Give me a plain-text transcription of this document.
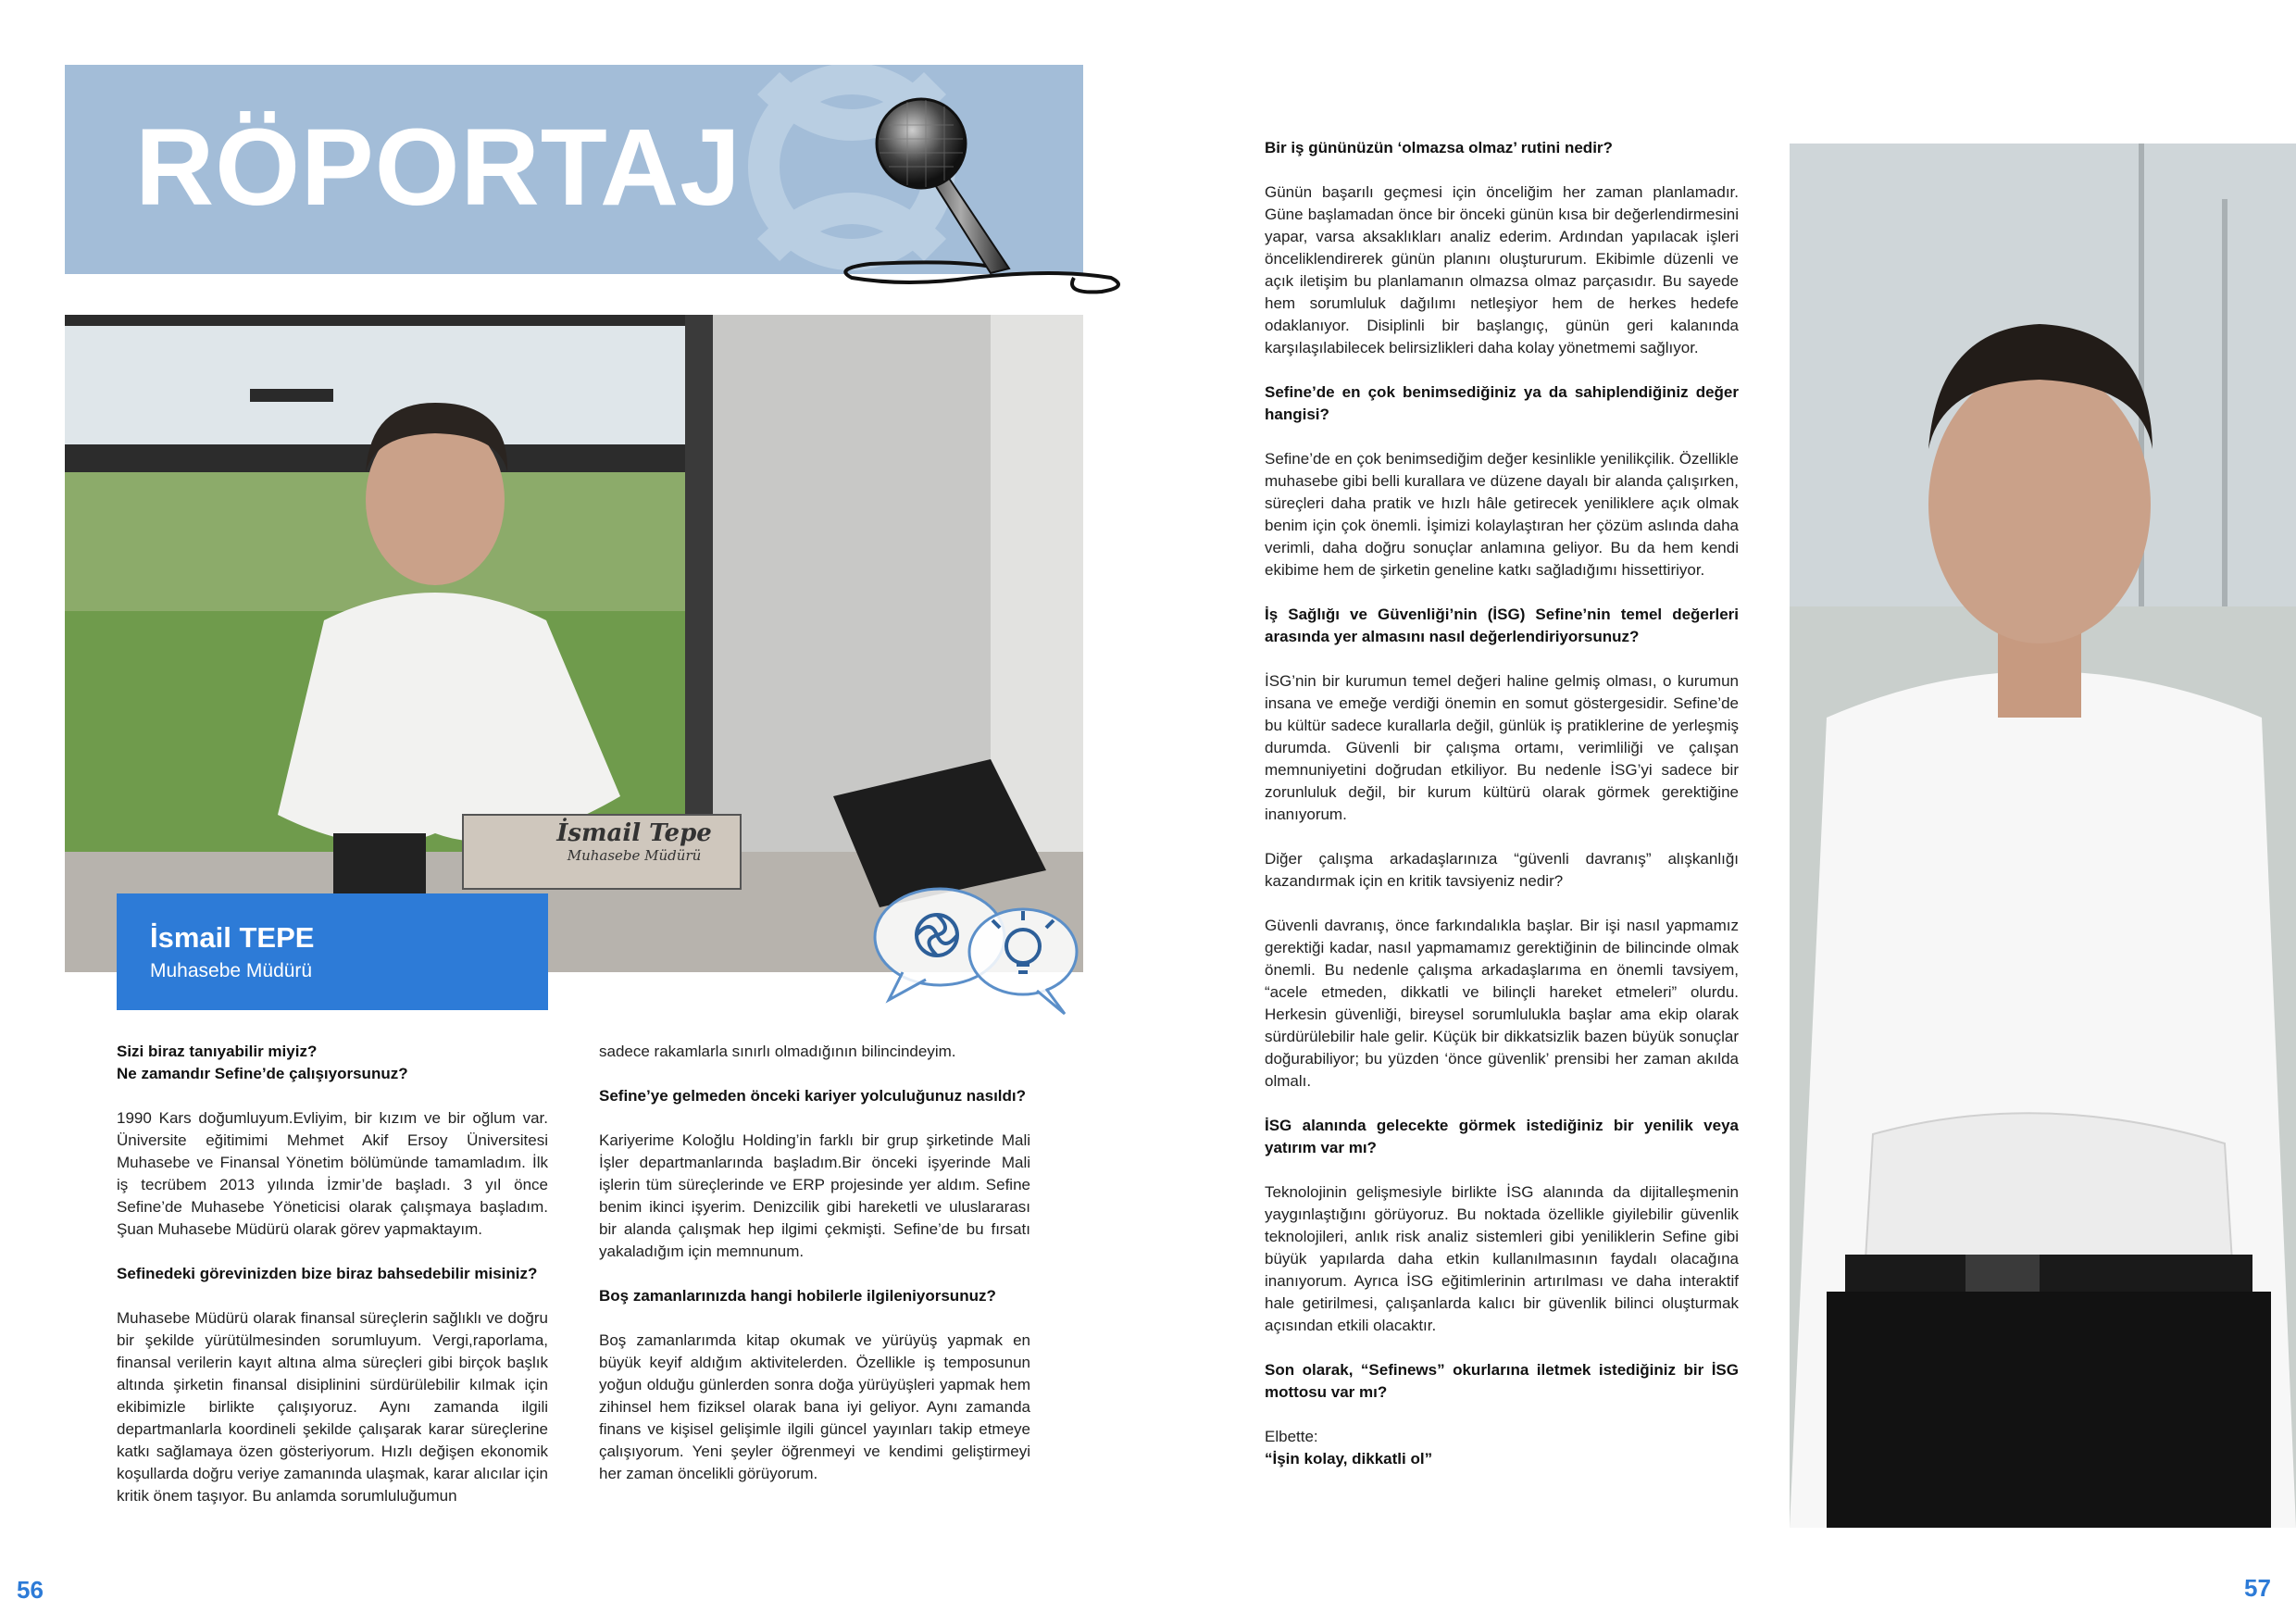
RÖPORTAJ
İsmail Tepe
Muhasebe Müdürü
İsmail TEPE
Muhasebe Müdürü

Sizi biraz tanıyabilir miyiz?

Ne zamandır Sefine’de çalışıyorsunuz?

1990 Kars doğumluyum.Evliyim, bir kızım ve bir oğlum var. Üniversite eğitimimi Mehmet Akif Ersoy Üniversitesi Muhasebe ve Finansal Yönetim bölümünde tamamladım. İlk iş tecrübem 2013 yılında İzmir’de başladı. 3 yıl önce Sefine’de Muhasebe Yöneticisi olarak çalışmaya başladım. Şuan Muhasebe Müdürü olarak görev yapmaktayım.

Sefinedeki görevinizden bize biraz bahsedebilir misiniz?

Muhasebe Müdürü olarak finansal süreçlerin sağlıklı ve doğru bir şekilde yürütülmesinden sorumluyum. Vergi,raporlama, finansal verilerin kayıt altına alma süreçleri gibi birçok başlık altında şirketin finansal disiplinini sürdürülebilir kılmak için ekibimizle birlikte çalışıyoruz. Aynı zamanda ilgili departmanlarla koordineli şekilde çalışarak karar süreçlerine katkı sağlamaya özen gösteriyorum. Hızlı değişen ekonomik koşullarda doğru veriye zamanında ulaşmak, karar alıcılar için kritik önem taşıyor. Bu anlamda sorumluluğumun

sadece rakamlarla sınırlı olmadığının bilincindeyim.

Sefine’ye gelmeden önceki kariyer yolculuğunuz nasıldı?

Kariyerime Koloğlu Holding’in farklı bir grup şirketinde Mali İşler departmanlarında başladım.Bir önceki işyerinde Mali işlerin tüm süreçlerinde ve ERP projesinde yer aldım. Sefine benim ikinci işyerim. Denizcilik gibi hareketli ve uluslararası bir alanda çalışmak hep ilgimi çekmişti. Sefine’de bu fırsatı yakaladığım için memnunum.

Boş zamanlarınızda hangi hobilerle ilgileniyorsunuz?

Boş zamanlarımda kitap okumak ve yürüyüş yapmak en büyük keyif aldığım aktivitelerden. Özellikle iş temposunun yoğun olduğu günlerden sonra doğa yürüyüşleri yapmak hem zihinsel hem fiziksel olarak bana iyi geliyor. Aynı zamanda finans ve kişisel gelişimle ilgili güncel yayınları takip etmeye çalışıyorum. Yeni şeyler öğrenmeyi ve kendimi geliştirmeyi her zaman öncelikli görüyorum.

Bir iş gününüzün ‘olmazsa olmaz’ rutini nedir?

Günün başarılı geçmesi için önceliğim her zaman planlamadır. Güne başlamadan önce bir önceki günün kısa bir değerlendirmesini yapar, varsa aksaklıkları analiz ederim. Ardından yapılacak işleri önceliklendirerek günün planını oluştururum. Ekibimle düzenli ve açık iletişim bu planlamanın olmazsa olmaz parçasıdır. Bu sayede hem sorumluluk dağılımı netleşiyor hem de herkes hedefe odaklanıyor. Disiplinli bir başlangıç, günün geri kalanında karşılaşılabilecek belirsizlikleri daha kolay yönetmemi sağlıyor.

Sefine’de en çok benimsediğiniz ya da sahiplendiğiniz değer hangisi?

Sefine’de en çok benimsediğim değer kesinlikle yenilikçilik. Özellikle muhasebe gibi belli kurallara ve düzene dayalı bir alanda çalışırken, süreçleri daha pratik ve hızlı hâle getirecek yeniliklere açık olmak benim için çok önemli. İşimizi kolaylaştıran her çözüm aslında daha verimli, daha doğru sonuçlar anlamına geliyor. Bu da hem kendi ekibime hem de şirketin geneline katkı sağladığımı hissettiriyor.

İş Sağlığı ve Güvenliği’nin (İSG) Sefine’nin temel değerleri arasında yer almasını nasıl değerlendiriyorsunuz?

İSG’nin bir kurumun temel değeri haline gelmiş olması, o kurumun insana ve emeğe verdiği önemin en somut göstergesidir. Sefine’de bu kültür sadece kurallarla değil, günlük iş pratiklerine de yerleşmiş durumda. Güvenli bir çalışma ortamı, verimliliği ve çalışan memnuniyetini doğrudan etkiliyor. Bu nedenle İSG’yi sadece bir zorunluluk değil, bir kurum kültürü olarak görmek gerektiğine inanıyorum.

Diğer çalışma arkadaşlarınıza “güvenli davranış” alışkanlığı kazandırmak için en kritik tavsiyeniz nedir?

Güvenli davranış, önce farkındalıkla başlar. Bir işi nasıl yapmamız gerektiği kadar, nasıl yapmamamız gerektiğinin de bilincinde olmak önemli. Bu nedenle çalışma arkadaşlarıma en önemli tavsiyem, “acele etmeden, dikkatli ve bilinçli hareket etmeleri” olurdu. Herkesin güvenliği, bireysel sorumlulukla başlar ama ekip olarak sürdürülebilir hale gelir. Küçük bir dikkatsizlik bazen büyük sonuçlar doğurabiliyor; bu yüzden ‘önce güvenlik’ prensibi her zaman akılda olmalı.

İSG alanında gelecekte görmek istediğiniz bir yenilik veya yatırım var mı?

Teknolojinin gelişmesiyle birlikte İSG alanında da dijitalleşmenin yaygınlaştığını görüyoruz. Bu noktada özellikle giyilebilir güvenlik teknolojileri, anlık risk analiz sistemleri gibi yeniliklerin Sefine gibi büyük yapılarda daha etkin kullanılmasının faydalı olacağına inanıyorum. Ayrıca İSG eğitimlerinin artırılması ve daha interaktif hale getirilmesi, çalışanlarda kalıcı bir güvenlik bilinci oluşturmak açısından etkili olacaktır.

Son olarak, “Sefinews” okurlarına iletmek istediğiniz bir İSG mottosu var mı?

Elbette:

“İşin kolay, dikkatli ol”

56	57
